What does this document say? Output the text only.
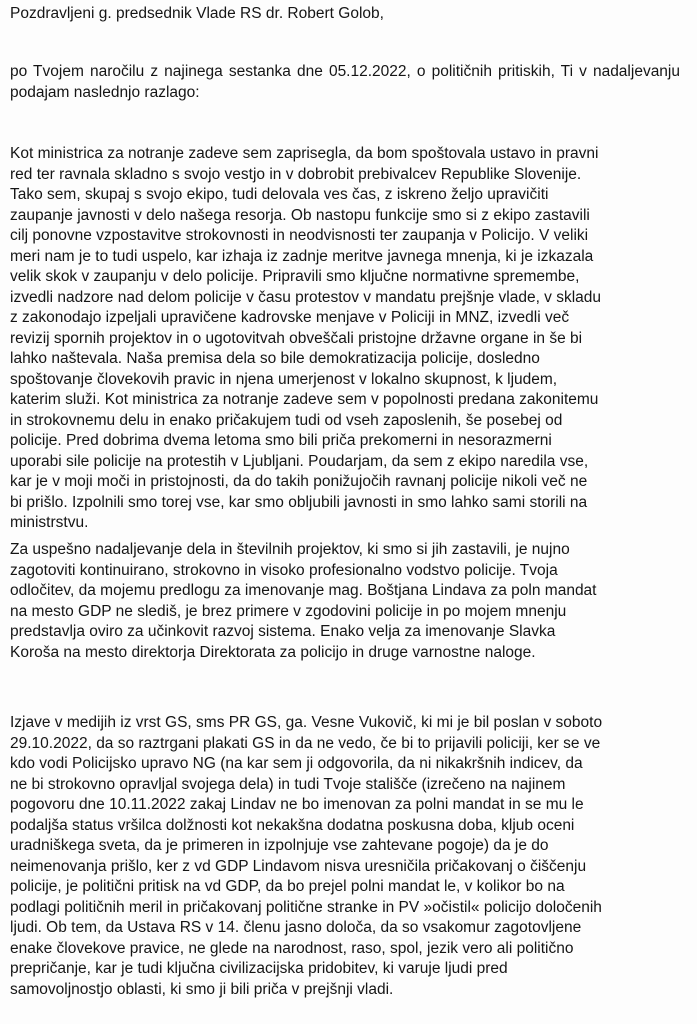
Pozdravljeni g. predsednik Vlade RS dr. Robert Golob,
po Tvojem naročilu z najinega sestanka dne 05.12.2022, o političnih pritiskih, Ti v nadaljevanju podajam naslednjo razlago:
Kot ministrica za notranje zadeve sem zaprisegla, da bom spoštovala ustavo in pravni
red ter ravnala skladno s svojo vestjo in v dobrobit prebivalcev Republike Slovenije.
Tako sem, skupaj s svojo ekipo, tudi delovala ves čas, z iskreno željo upravičiti
zaupanje javnosti v delo našega resorja. Ob nastopu funkcije smo si z ekipo zastavili
cilj ponovne vzpostavitve strokovnosti in neodvisnosti ter zaupanja v Policijo. V veliki
meri nam je to tudi uspelo, kar izhaja iz zadnje meritve javnega mnenja, ki je izkazala
velik skok v zaupanju v delo policije. Pripravili smo ključne normativne spremembe,
izvedli nadzore nad delom policije v času protestov v mandatu prejšnje vlade, v skladu
z zakonodajo izpeljali upravičene kadrovske menjave v Policiji in MNZ, izvedli več
revizij spornih projektov in o ugotovitvah obveščali pristojne državne organe in še bi
lahko naštevala. Naša premisa dela so bile demokratizacija policije, dosledno
spoštovanje človekovih pravic in njena umerjenost v lokalno skupnost, k ljudem,
katerim služi. Kot ministrica za notranje zadeve sem v popolnosti predana zakonitemu
in strokovnemu delu in enako pričakujem tudi od vseh zaposlenih, še posebej od
policije. Pred dobrima dvema letoma smo bili priča prekomerni in nesorazmerni
uporabi sile policije na protestih v Ljubljani. Poudarjam, da sem z ekipo naredila vse,
kar je v moji moči in pristojnosti, da do takih ponižujočih ravnanj policije nikoli več ne
bi prišlo. Izpolnili smo torej vse, kar smo obljubili javnosti in smo lahko sami storili na
ministrstvu.
Za uspešno nadaljevanje dela in številnih projektov, ki smo si jih zastavili, je nujno
zagotoviti kontinuirano, strokovno in visoko profesionalno vodstvo policije. Tvoja
odločitev, da mojemu predlogu za imenovanje mag. Boštjana Lindava za poln mandat
na mesto GDP ne slediš, je brez primere v zgodovini policije in po mojem mnenju
predstavlja oviro za učinkovit razvoj sistema. Enako velja za imenovanje Slavka
Koroša na mesto direktorja Direktorata za policijo in druge varnostne naloge.
Izjave v medijih iz vrst GS, sms PR GS, ga. Vesne Vukovič, ki mi je bil poslan v soboto
29.10.2022, da so raztrgani plakati GS in da ne vedo, če bi to prijavili policiji, ker se ve
kdo vodi Policijsko upravo NG (na kar sem ji odgovorila, da ni nikakršnih indicev, da
ne bi strokovno opravljal svojega dela) in tudi Tvoje stališče (izrečeno na najinem
pogovoru dne 10.11.2022 zakaj Lindav ne bo imenovan za polni mandat in se mu le
podaljša status vršilca dolžnosti kot nekakšna dodatna poskusna doba, kljub oceni
uradniškega sveta, da je primeren in izpolnjuje vse zahtevane pogoje) da je do
neimenovanja prišlo, ker z vd GDP Lindavom nisva uresničila pričakovanj o čiščenju
policije, je politični pritisk na vd GDP, da bo prejel polni mandat le, v kolikor bo na
podlagi političnih meril in pričakovanj politične stranke in PV »očistil« policijo določenih
ljudi. Ob tem, da Ustava RS v 14. členu jasno določa, da so vsakomur zagotovljene
enake človekove pravice, ne glede na narodnost, raso, spol, jezik vero ali politično
prepričanje, kar je tudi ključna civilizacijska pridobitev, ki varuje ljudi pred
samovoljnostjo oblasti, ki smo ji bili priča v prejšnji vladi.
